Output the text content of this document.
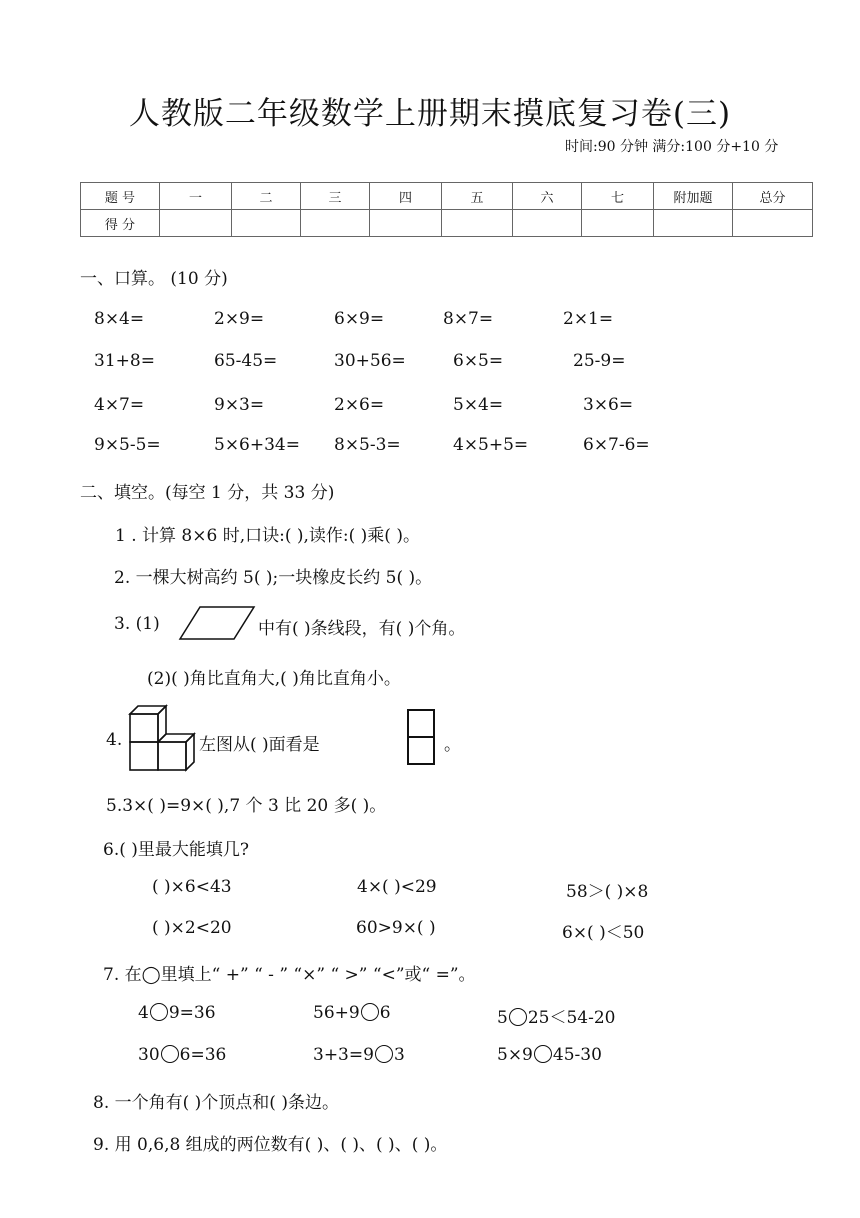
人教版二年级数学上册期末摸底复习卷(三)
时间:90 分钟 满分:100 分+10 分
题 号	一	二	三	四	五	六	七	附加题	总分
得 分									
一、口算。 (10 分)
8×4=	2×9=	6×9=	8×7=	2×1=
31+8=	65-45=	30+56=	6×5=	25-9=
4×7=	9×3=	2×6=	5×4=	3×6=
9×5-5=	5×6+34= 8×5-3=	4×5+5=	6×7-6=
二、填空。(每空 1 分，共 33 分)
1 . 计算 8×6 时,口诀:( ),读作:( )乘( )。
2. 一棵大树高约 5( );一块橡皮长约 5( )。
3. (1)	中有( )条线段，有( )个角。
(2)( )角比直角大,( )角比直角小。
4.	左图从( )面看是	。
5.3×( )=9×( ),7 个 3 比 20 多( )。
6.( )里最大能填几?
( )×6<43	4×( )<29	58＞( )×8
( )×2<20	60>9×( )	6×( )＜50
7. 在◯里填上“ +” “ - ” “×” “ >” “<”或“ =”。
4 9=36	56+9 6	5 25＜54-20
30 6=36	3+3=9 3	5×9 45-30
8. 一个角有( )个顶点和( )条边。
9. 用 0,6,8 组成的两位数有( )、( )、( )、( )。
